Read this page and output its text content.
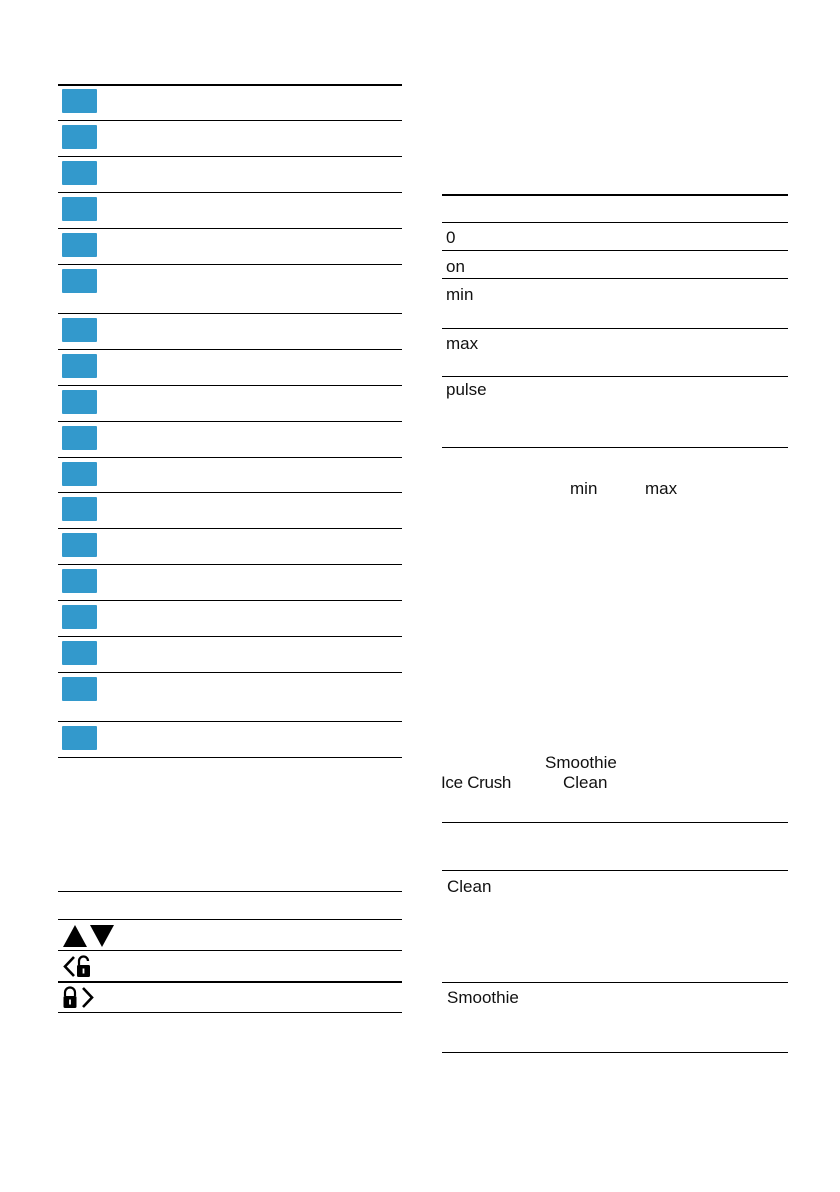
0
on
min
max
pulse
min	max
Smoothie
Ice Crush	Clean
Clean
Smoothie
